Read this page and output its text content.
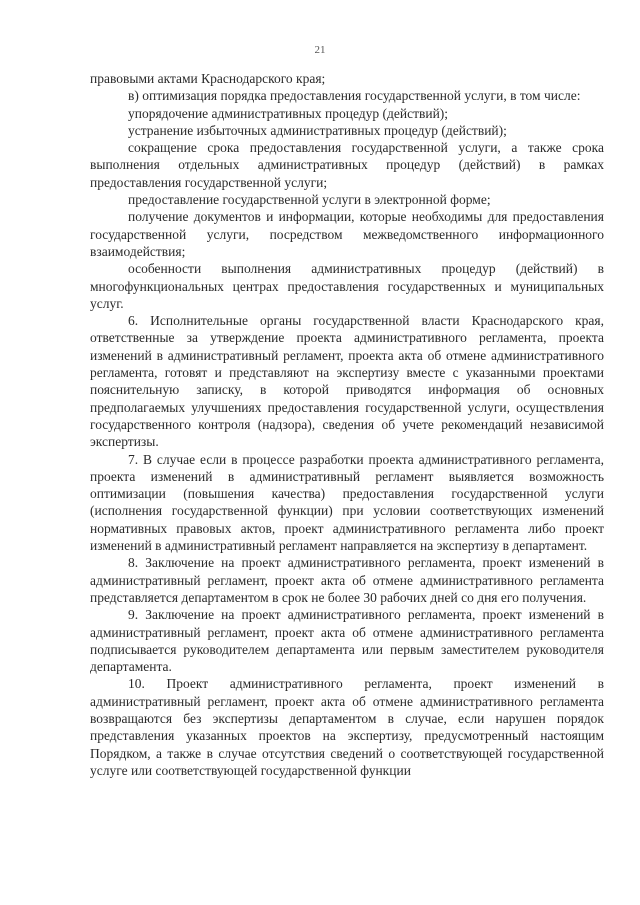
21

правовыми актами Краснодарского края;

в) оптимизация порядка предоставления государственной услуги, в том числе:

упорядочение административных процедур (действий);

устранение избыточных административных процедур (действий);

сокращение срока предоставления государственной услуги, а также срока выполнения отдельных административных процедур (действий) в рамках предоставления государственной услуги;

предоставление государственной услуги в электронной форме;

получение документов и информации, которые необходимы для предоставления государственной услуги, посредством межведомственного информационного взаимодействия;

особенности выполнения административных процедур (действий) в многофункциональных центрах предоставления государственных и муниципальных услуг.

6. Исполнительные органы государственной власти Краснодарского края, ответственные за утверждение проекта административного регламента, проекта изменений в административный регламент, проекта акта об отмене административного регламента, готовят и представляют на экспертизу вместе с указанными проектами пояснительную записку, в которой приводятся информация об основных предполагаемых улучшениях предоставления государственной услуги, осуществления государственного контроля (надзора), сведения об учете рекомендаций независимой экспертизы.

7. В случае если в процессе разработки проекта административного регламента, проекта изменений в административный регламент выявляется возможность оптимизации (повышения качества) предоставления государственной услуги (исполнения государственной функции) при условии соответствующих изменений нормативных правовых актов, проект административного регламента либо проект изменений в административный регламент направляется на экспертизу в департамент.

8. Заключение на проект административного регламента, проект изменений в административный регламент, проект акта об отмене административного регламента представляется департаментом в срок не более 30 рабочих дней со дня его получения.

9. Заключение на проект административного регламента, проект изменений в административный регламент, проект акта об отмене административного регламента подписывается руководителем департамента или первым заместителем руководителя департамента.

10. Проект административного регламента, проект изменений в административный регламент, проект акта об отмене административного регламента возвращаются без экспертизы департаментом в случае, если нарушен порядок представления указанных проектов на экспертизу, предусмотренный настоящим Порядком, а также в случае отсутствия сведений о соответствующей государственной услуге или соответствующей государственной функции
